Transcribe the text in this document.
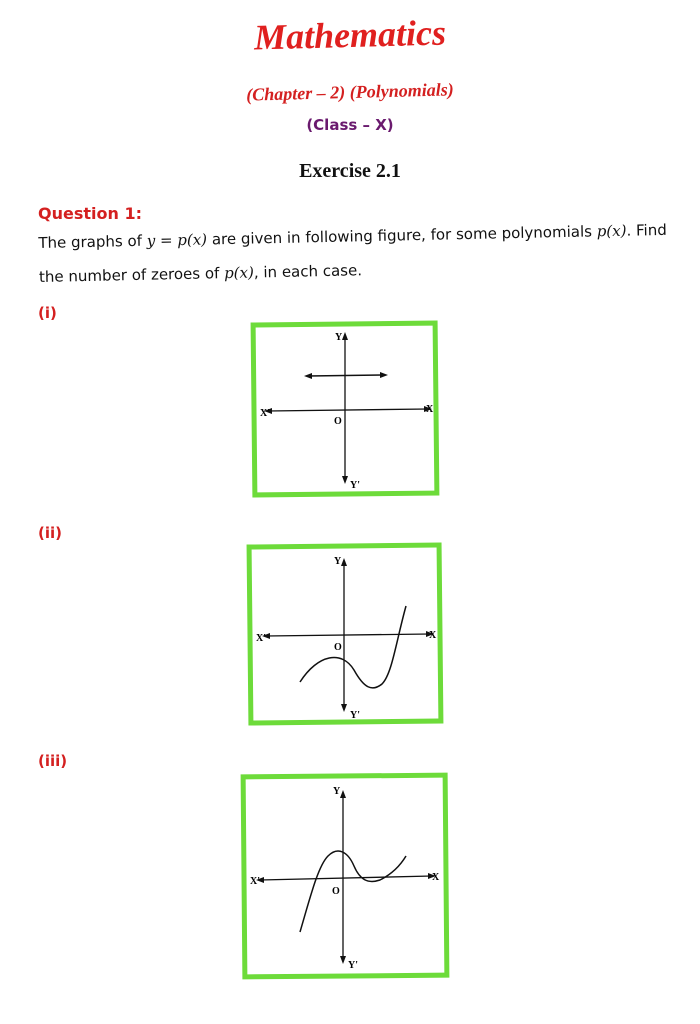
Mathematics
(Chapter – 2) (Polynomials)
(Class – X)
Exercise 2.1
Question 1:
The graphs of y = p(x) are given in following figure, for some polynomials p(x). Find the number of zeroes of p(x), in each case.
(i)
(ii)
(iii)
Y
Y'
X
X'
O
Y
Y'
X
X'
O
Y
Y'
X
X'
O
